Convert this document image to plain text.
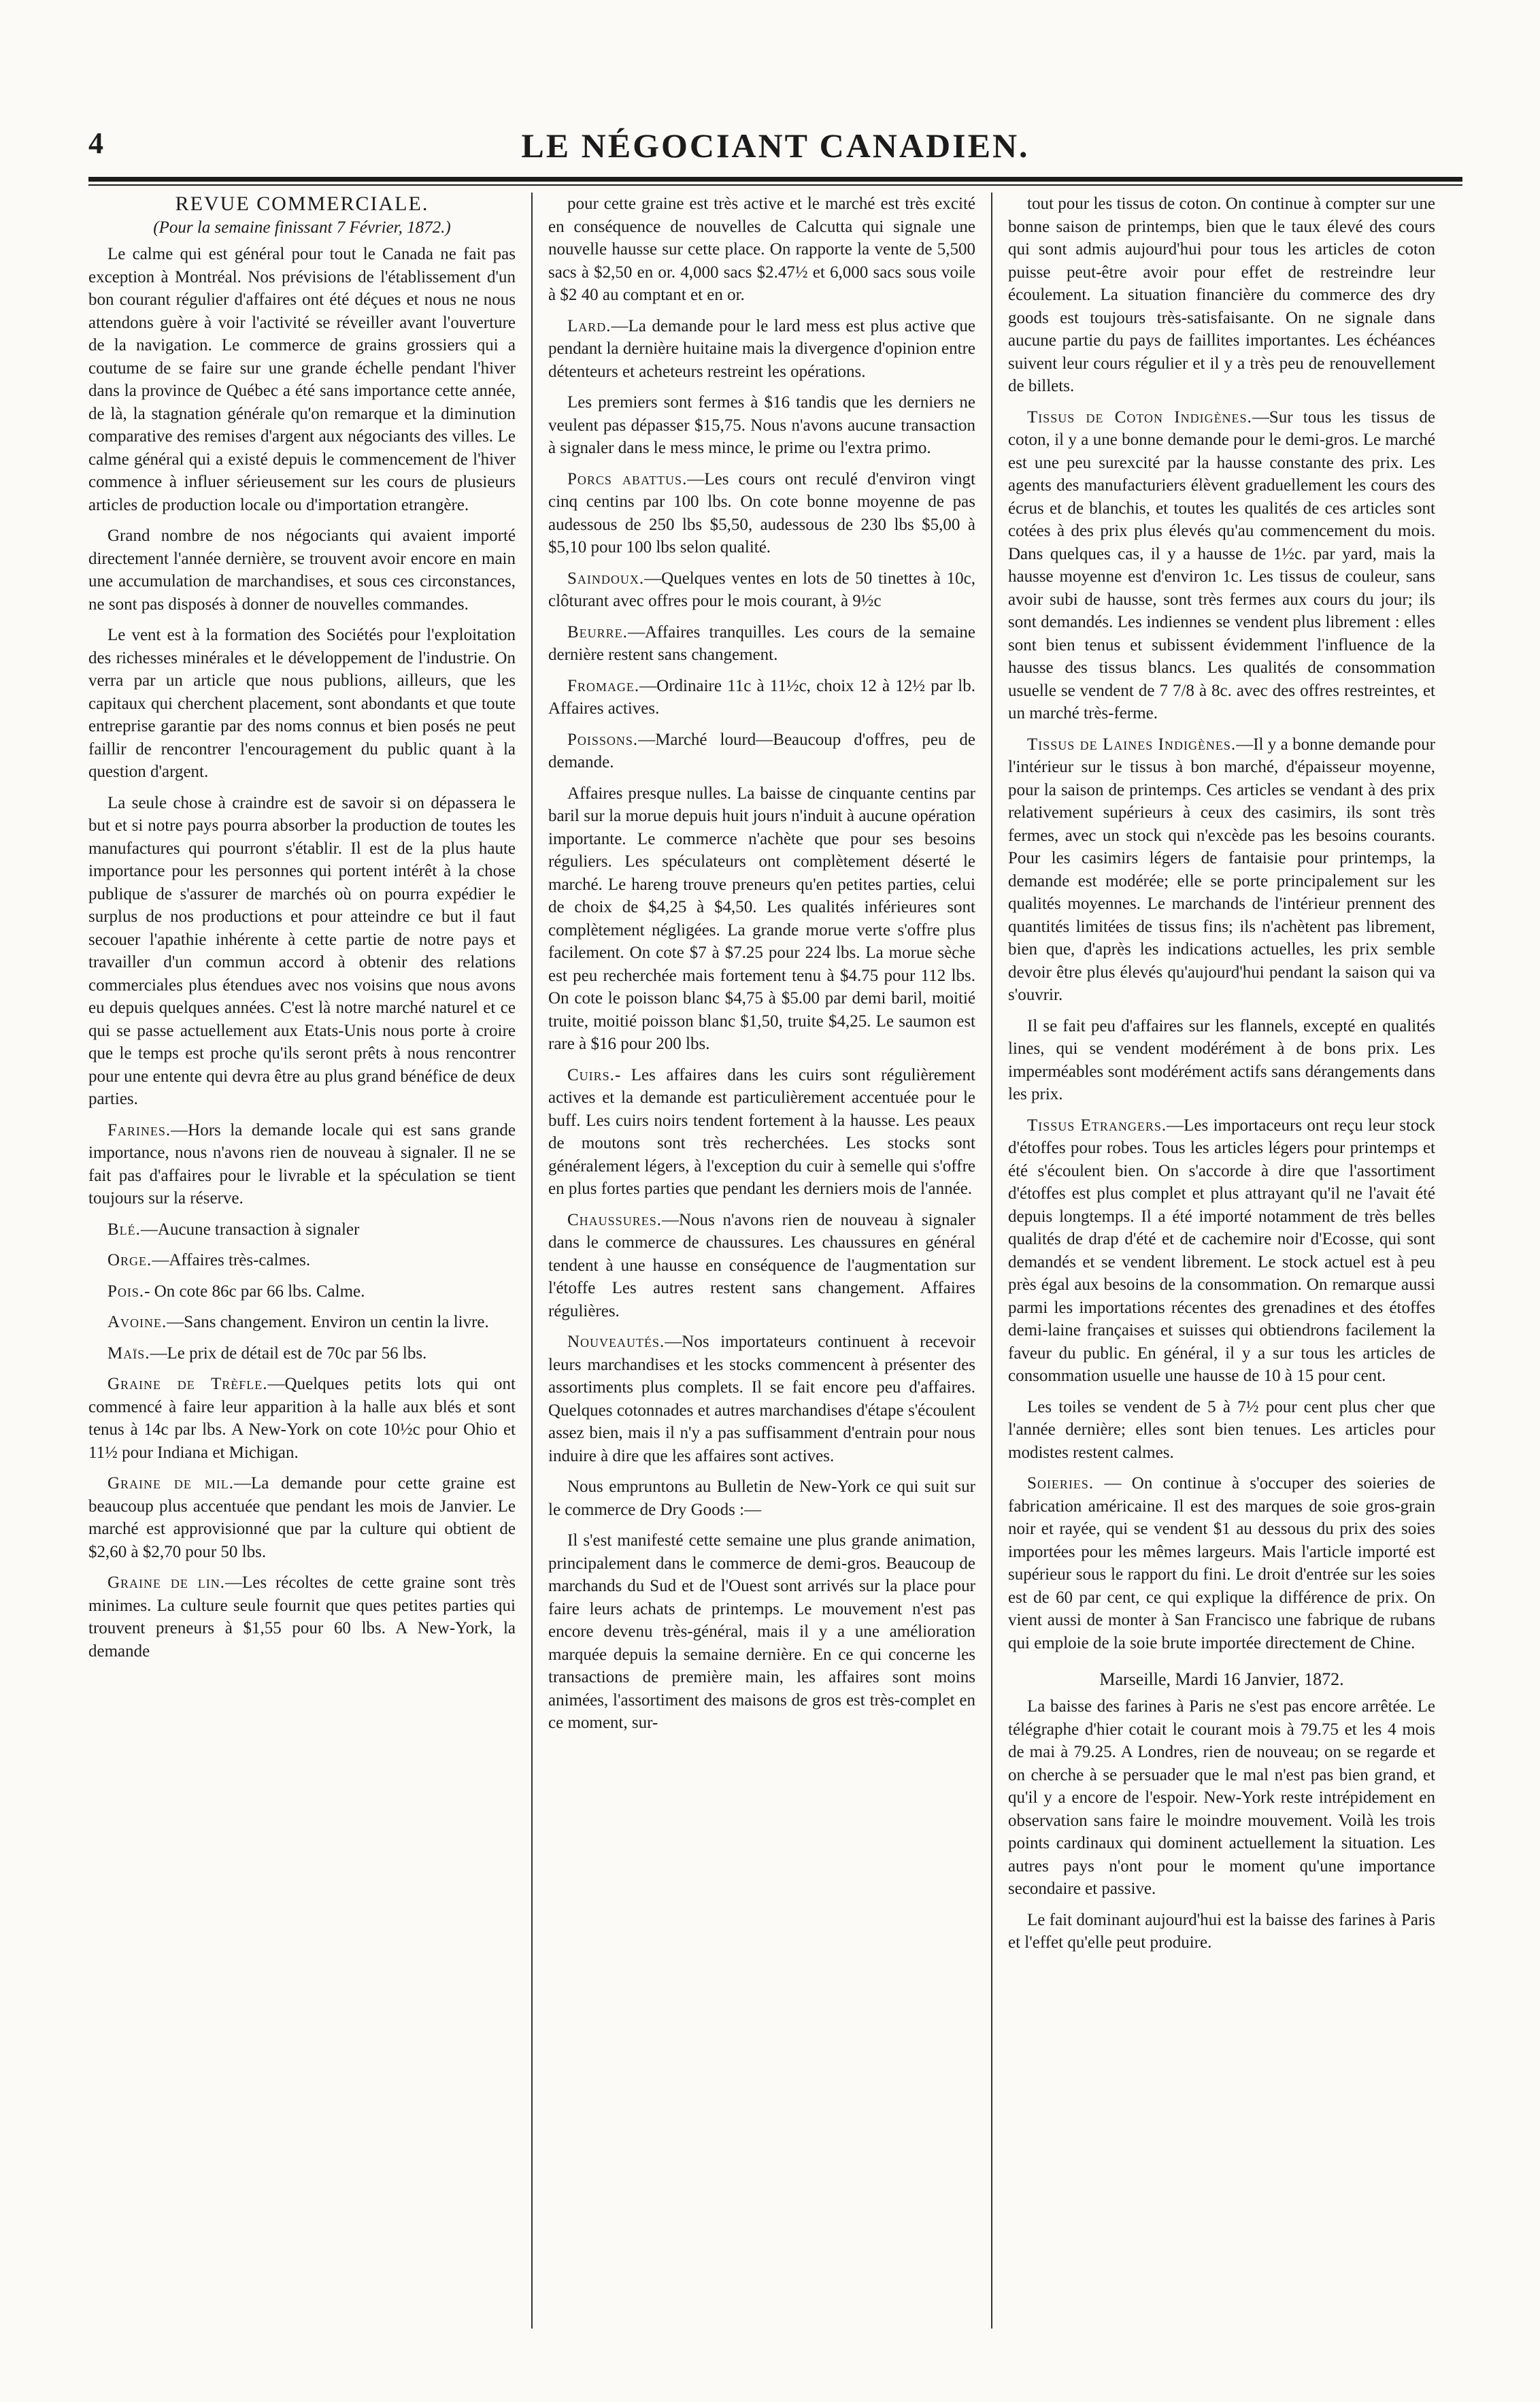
4	LE NÉGOCIANT CANADIEN.
REVUE COMMERCIALE.
(Pour la semaine finissant 7 Février, 1872.)

Le calme qui est général pour tout le Canada ne fait pas exception à Montréal. Nos prévisions de l'établissement d'un bon courant régulier d'affaires ont été déçues et nous ne nous attendons guère à voir l'activité se réveiller avant l'ouverture de la navigation. Le commerce de grains grossiers qui a coutume de se faire sur une grande échelle pendant l'hiver dans la province de Québec a été sans importance cette année, de là, la stagnation générale qu'on remarque et la diminution comparative des remises d'argent aux négociants des villes. Le calme général qui a existé depuis le commencement de l'hiver commence à influer sérieusement sur les cours de plusieurs articles de production locale ou d'importation etrangère.

Grand nombre de nos négociants qui avaient importé directement l'année dernière, se trouvent avoir encore en main une accumulation de marchandises, et sous ces circonstances, ne sont pas disposés à donner de nouvelles commandes.

Le vent est à la formation des Sociétés pour l'exploitation des richesses minérales et le développement de l'industrie. On verra par un article que nous publions, ailleurs, que les capitaux qui cherchent placement, sont abondants et que toute entreprise garantie par des noms connus et bien posés ne peut faillir de rencontrer l'encouragement du public quant à la question d'argent.

La seule chose à craindre est de savoir si on dépassera le but et si notre pays pourra absorber la production de toutes les manufactures qui pourront s'établir. Il est de la plus haute importance pour les personnes qui portent intérêt à la chose publique de s'assurer de marchés où on pourra expédier le surplus de nos productions et pour atteindre ce but il faut secouer l'apathie inhérente à cette partie de notre pays et travailler d'un commun accord à obtenir des relations commerciales plus étendues avec nos voisins que nous avons eu depuis quelques années. C'est là notre marché naturel et ce qui se passe actuellement aux Etats-Unis nous porte à croire que le temps est proche qu'ils seront prêts à nous rencontrer pour une entente qui devra être au plus grand bénéfice de deux parties.

Farines.—Hors la demande locale qui est sans grande importance, nous n'avons rien de nouveau à signaler. Il ne se fait pas d'affaires pour le livrable et la spéculation se tient toujours sur la réserve.

Blé.—Aucune transaction à signaler

Orge.—Affaires très-calmes.

Pois.- On cote 86c par 66 lbs. Calme.

Avoine.—Sans changement. Environ un centin la livre.

Maïs.—Le prix de détail est de 70c par 56 lbs.

Graine de Trèfle.—Quelques petits lots qui ont commencé à faire leur apparition à la halle aux blés et sont tenus à 14c par lbs. A New-York on cote 10½c pour Ohio et 11½ pour Indiana et Michigan.

Graine de mil.—La demande pour cette graine est beaucoup plus accentuée que pendant les mois de Janvier. Le marché est approvisionné que par la culture qui obtient de $2,60 à $2,70 pour 50 lbs.

Graine de lin.—Les récoltes de cette graine sont très minimes. La culture seule fournit que ques petites parties qui trouvent preneurs à $1,55 pour 60 lbs. A New-York, la demande

pour cette graine est très active et le marché est très excité en conséquence de nouvelles de Calcutta qui signale une nouvelle hausse sur cette place. On rapporte la vente de 5,500 sacs à $2,50 en or. 4,000 sacs $2.47½ et 6,000 sacs sous voile à $2 40 au comptant et en or.

Lard.—La demande pour le lard mess est plus active que pendant la dernière huitaine mais la divergence d'opinion entre détenteurs et acheteurs restreint les opérations.

Les premiers sont fermes à $16 tandis que les derniers ne veulent pas dépasser $15,75. Nous n'avons aucune transaction à signaler dans le mess mince, le prime ou l'extra primo.

Porcs abattus.—Les cours ont reculé d'environ vingt cinq centins par 100 lbs. On cote bonne moyenne de pas audessous de 250 lbs $5,50, audessous de 230 lbs $5,00 à $5,10 pour 100 lbs selon qualité.

Saindoux.—Quelques ventes en lots de 50 tinettes à 10c, clôturant avec offres pour le mois courant, à 9½c

Beurre.—Affaires tranquilles. Les cours de la semaine dernière restent sans changement.

Fromage.—Ordinaire 11c à 11½c, choix 12 à 12½ par lb. Affaires actives.

Poissons.—Marché lourd—Beaucoup d'offres, peu de demande.

Affaires presque nulles. La baisse de cinquante centins par baril sur la morue depuis huit jours n'induit à aucune opération importante. Le commerce n'achète que pour ses besoins réguliers. Les spéculateurs ont complètement déserté le marché. Le hareng trouve preneurs qu'en petites parties, celui de choix de $4,25 à $4,50. Les qualités inférieures sont complètement négligées. La grande morue verte s'offre plus facilement. On cote $7 à $7.25 pour 224 lbs. La morue sèche est peu recherchée mais fortement tenu à $4.75 pour 112 lbs. On cote le poisson blanc $4,75 à $5.00 par demi baril, moitié truite, moitié poisson blanc $1,50, truite $4,25. Le saumon est rare à $16 pour 200 lbs.

Cuirs.- Les affaires dans les cuirs sont régulièrement actives et la demande est particulièrement accentuée pour le buff. Les cuirs noirs tendent fortement à la hausse. Les peaux de moutons sont très recherchées. Les stocks sont généralement légers, à l'exception du cuir à semelle qui s'offre en plus fortes parties que pendant les derniers mois de l'année.

Chaussures.—Nous n'avons rien de nouveau à signaler dans le commerce de chaussures. Les chaussures en général tendent à une hausse en conséquence de l'augmentation sur l'étoffe Les autres restent sans changement. Affaires régulières.

Nouveautés.—Nos importateurs continuent à recevoir leurs marchandises et les stocks commencent à présenter des assortiments plus complets. Il se fait encore peu d'affaires. Quelques cotonnades et autres marchandises d'étape s'écoulent assez bien, mais il n'y a pas suffisamment d'entrain pour nous induire à dire que les affaires sont actives.

Nous empruntons au Bulletin de New-York ce qui suit sur le commerce de Dry Goods :—

Il s'est manifesté cette semaine une plus grande animation, principalement dans le commerce de demi-gros. Beaucoup de marchands du Sud et de l'Ouest sont arrivés sur la place pour faire leurs achats de printemps. Le mouvement n'est pas encore devenu très-général, mais il y a une amélioration marquée depuis la semaine dernière. En ce qui concerne les transactions de première main, les affaires sont moins animées, l'assortiment des maisons de gros est très-complet en ce moment, sur-

tout pour les tissus de coton. On continue à compter sur une bonne saison de printemps, bien que le taux élevé des cours qui sont admis aujourd'hui pour tous les articles de coton puisse peut-être avoir pour effet de restreindre leur écoulement. La situation financière du commerce des dry goods est toujours très-satisfaisante. On ne signale dans aucune partie du pays de faillites importantes. Les échéances suivent leur cours régulier et il y a très peu de renouvellement de billets.

Tissus de Coton Indigènes.—Sur tous les tissus de coton, il y a une bonne demande pour le demi-gros. Le marché est une peu surexcité par la hausse constante des prix. Les agents des manufacturiers élèvent graduellement les cours des écrus et de blanchis, et toutes les qualités de ces articles sont cotées à des prix plus élevés qu'au commencement du mois. Dans quelques cas, il y a hausse de 1½c. par yard, mais la hausse moyenne est d'environ 1c. Les tissus de couleur, sans avoir subi de hausse, sont très fermes aux cours du jour; ils sont demandés. Les indiennes se vendent plus librement : elles sont bien tenus et subissent évidemment l'influence de la hausse des tissus blancs. Les qualités de consommation usuelle se vendent de 7 7/8 à 8c. avec des offres restreintes, et un marché très-ferme.

Tissus de Laines Indigènes.—Il y a bonne demande pour l'intérieur sur le tissus à bon marché, d'épaisseur moyenne, pour la saison de printemps. Ces articles se vendant à des prix relativement supérieurs à ceux des casimirs, ils sont très fermes, avec un stock qui n'excède pas les besoins courants. Pour les casimirs légers de fantaisie pour printemps, la demande est modérée; elle se porte principalement sur les qualités moyennes. Le marchands de l'intérieur prennent des quantités limitées de tissus fins; ils n'achètent pas librement, bien que, d'après les indications actuelles, les prix semble devoir être plus élevés qu'aujourd'hui pendant la saison qui va s'ouvrir.

Il se fait peu d'affaires sur les flannels, excepté en qualités lines, qui se vendent modérément à de bons prix. Les imperméables sont modérément actifs sans dérangements dans les prix.

Tissus Etrangers.—Les importaceurs ont reçu leur stock d'étoffes pour robes. Tous les articles légers pour printemps et été s'écoulent bien. On s'accorde à dire que l'assortiment d'étoffes est plus complet et plus attrayant qu'il ne l'avait été depuis longtemps. Il a été importé notamment de très belles qualités de drap d'été et de cachemire noir d'Ecosse, qui sont demandés et se vendent librement. Le stock actuel est à peu près égal aux besoins de la consommation. On remarque aussi parmi les importations récentes des grenadines et des étoffes demi-laine françaises et suisses qui obtiendrons facilement la faveur du public. En général, il y a sur tous les articles de consommation usuelle une hausse de 10 à 15 pour cent.

Les toiles se vendent de 5 à 7½ pour cent plus cher que l'année dernière; elles sont bien tenues. Les articles pour modistes restent calmes.

Soieries. — On continue à s'occuper des soieries de fabrication américaine. Il est des marques de soie gros-grain noir et rayée, qui se vendent $1 au dessous du prix des soies importées pour les mêmes largeurs. Mais l'article importé est supérieur sous le rapport du fini. Le droit d'entrée sur les soies est de 60 par cent, ce qui explique la différence de prix. On vient aussi de monter à San Francisco une fabrique de rubans qui emploie de la soie brute importée directement de Chine.

Marseille, Mardi 16 Janvier, 1872.

La baisse des farines à Paris ne s'est pas encore arrêtée. Le télégraphe d'hier cotait le courant mois à 79.75 et les 4 mois de mai à 79.25. A Londres, rien de nouveau; on se regarde et on cherche à se persuader que le mal n'est pas bien grand, et qu'il y a encore de l'espoir. New-York reste intrépidement en observation sans faire le moindre mouvement. Voilà les trois points cardinaux qui dominent actuellement la situation. Les autres pays n'ont pour le moment qu'une importance secondaire et passive.

Le fait dominant aujourd'hui est la baisse des farines à Paris et l'effet qu'elle peut produire.
